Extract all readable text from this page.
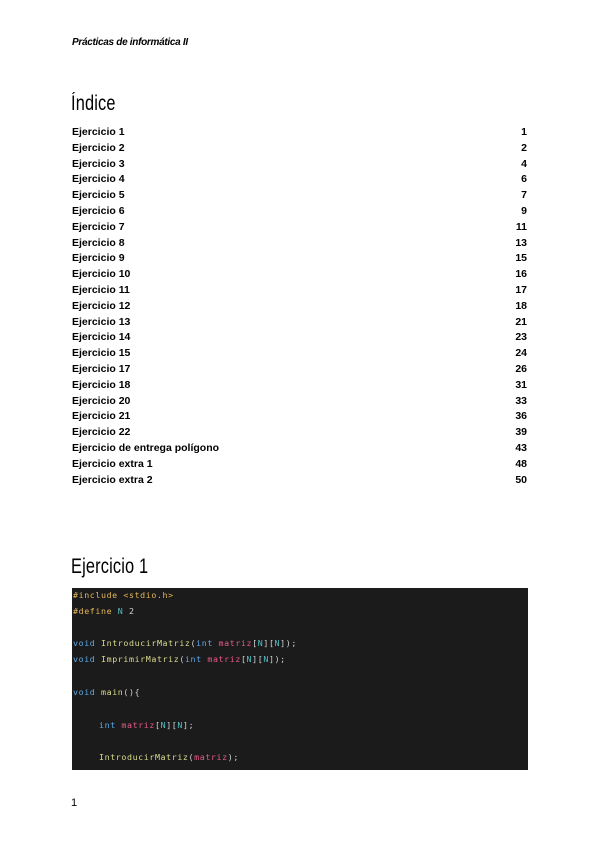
Prácticas de informática II
Índice
Ejercicio 1	1
Ejercicio 2	2
Ejercicio 3	4
Ejercicio 4	6
Ejercicio 5	7
Ejercicio 6	9
Ejercicio 7	11
Ejercicio 8	13
Ejercicio 9	15
Ejercicio 10	16
Ejercicio 11	17
Ejercicio 12	18
Ejercicio 13	21
Ejercicio 14	23
Ejercicio 15	24
Ejercicio 17	26
Ejercicio 18	31
Ejercicio 20	33
Ejercicio 21	36
Ejercicio 22	39
Ejercicio de entrega polígono	43
Ejercicio extra 1	48
Ejercicio extra 2	50
Ejercicio 1
#include <stdio.h>
#define N 2
void IntroducirMatriz(int matriz[N][N]);
void ImprimirMatriz(int matriz[N][N]);
void main(){
int matriz[N][N];
IntroducirMatriz(matriz);
1
